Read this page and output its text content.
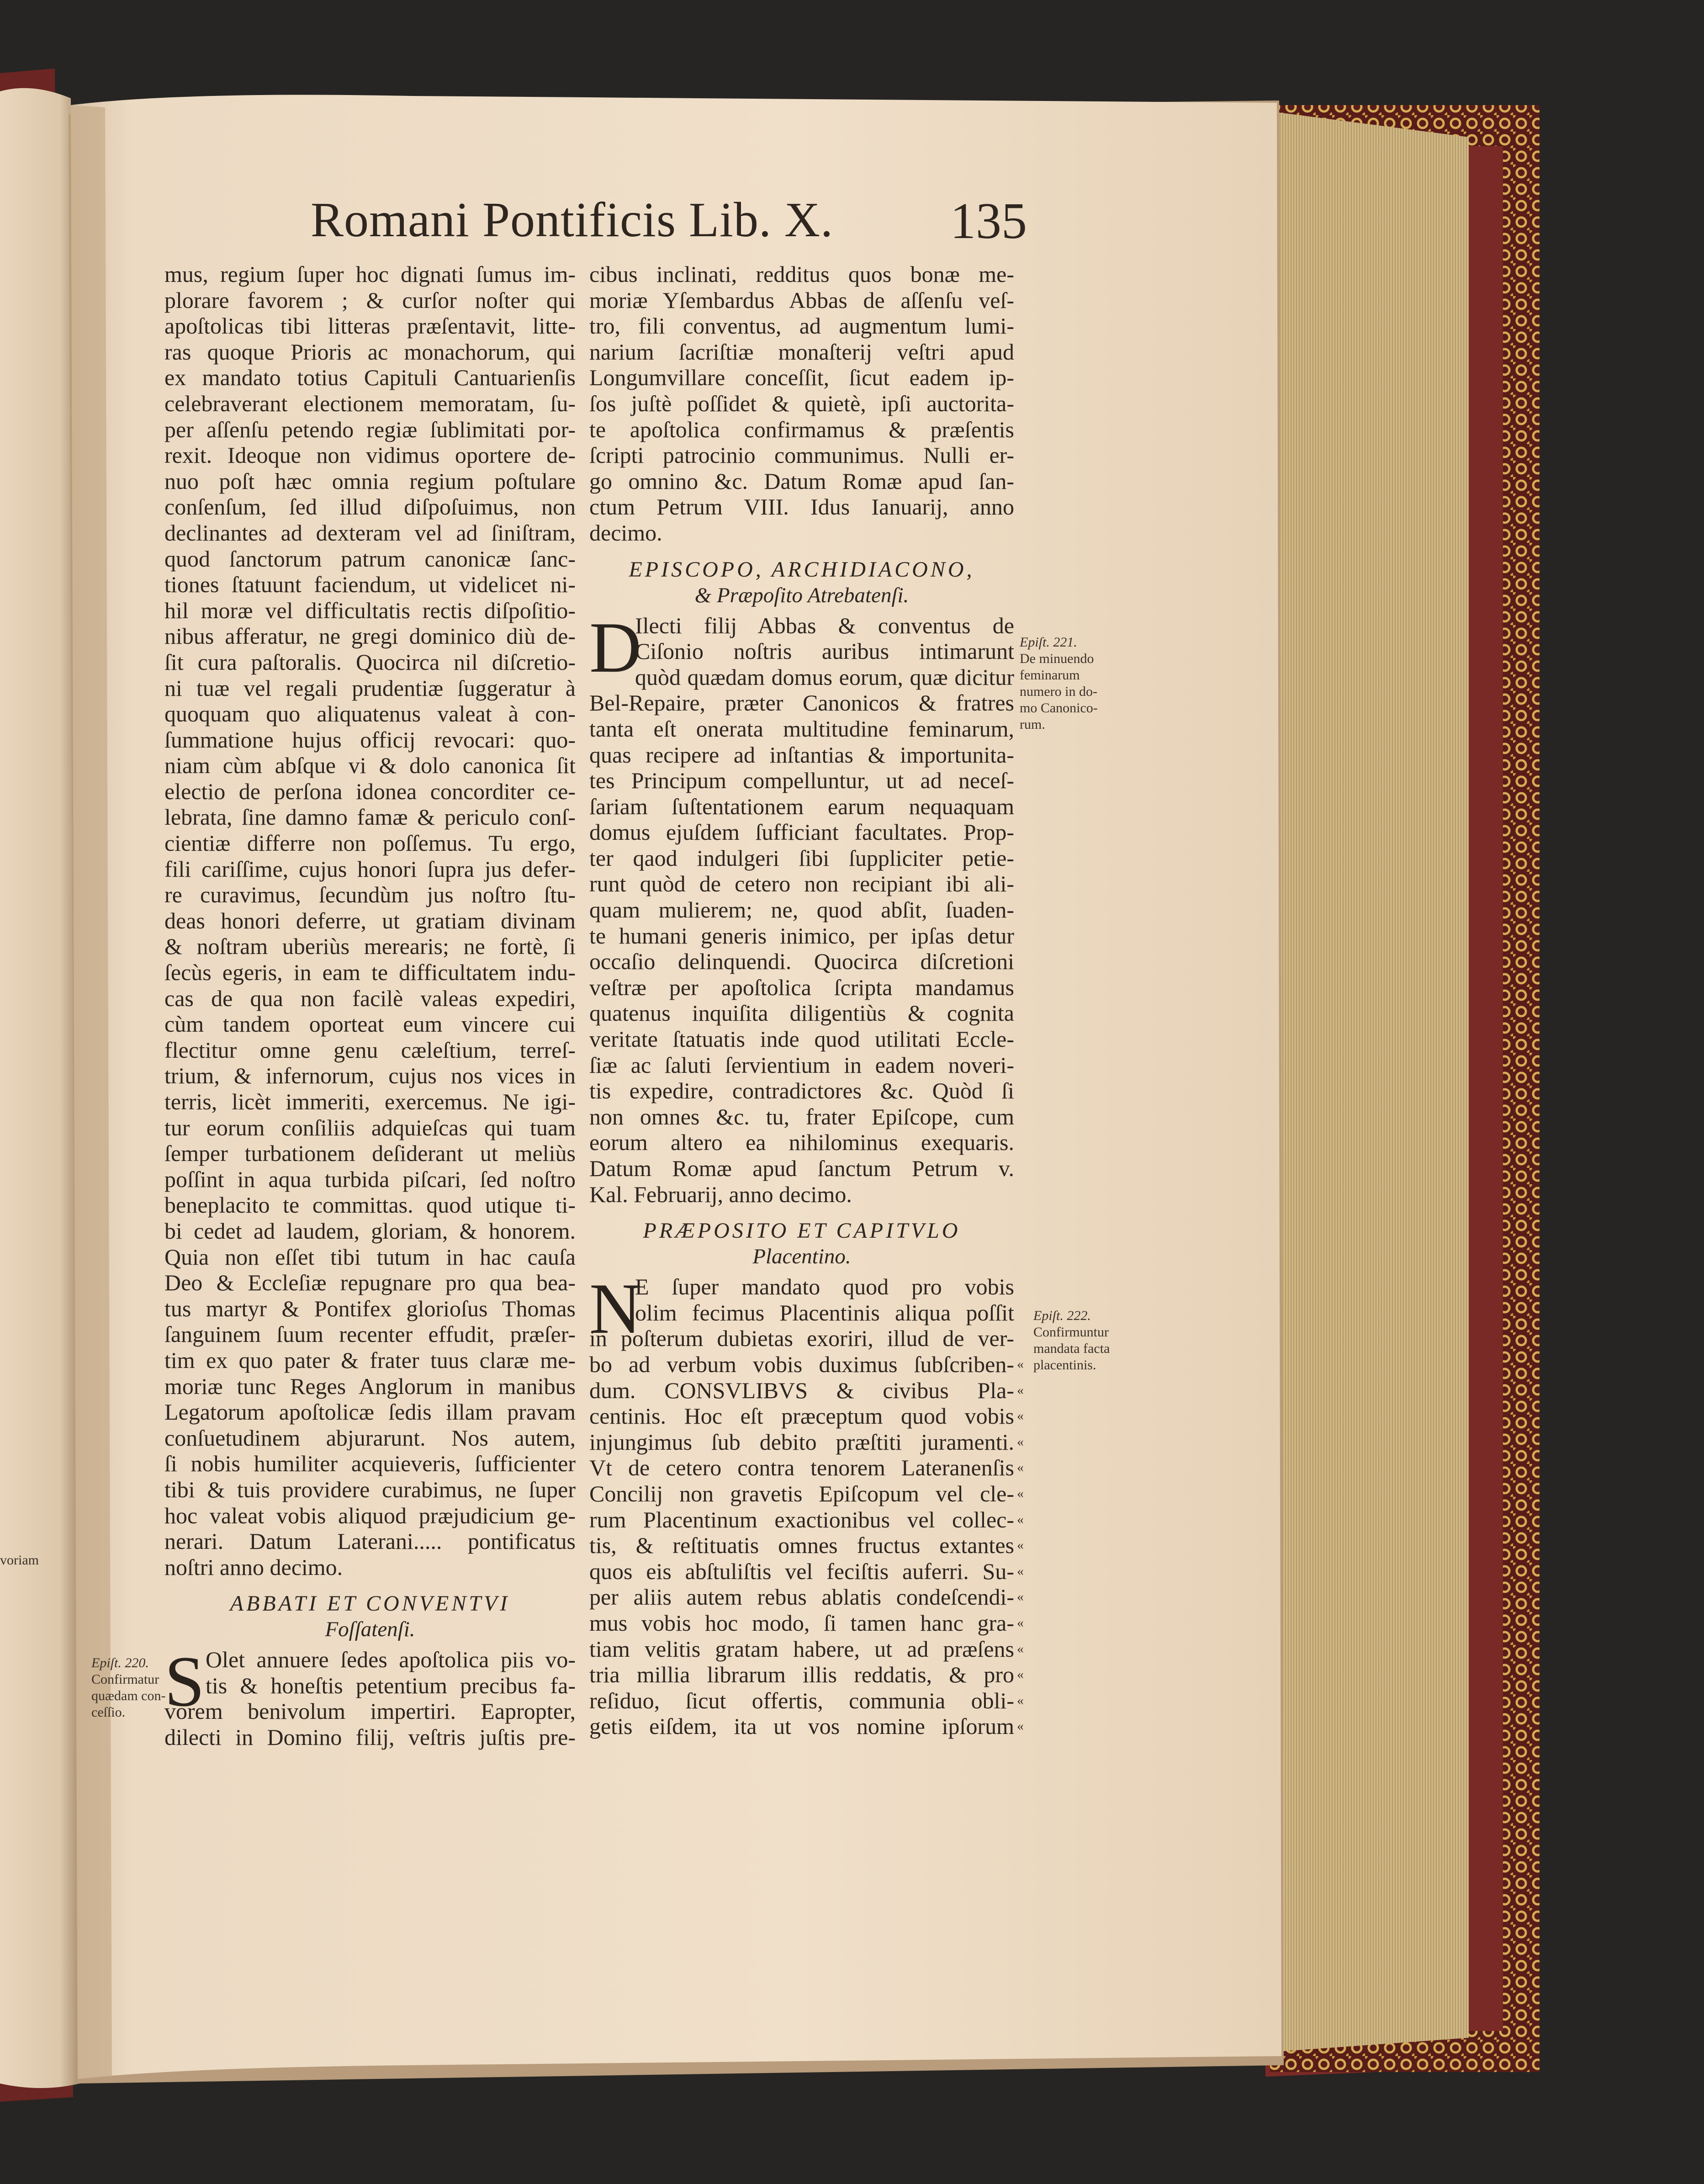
Romani Pontificis Lib. X.	135
mus, regium ſuper hoc dignati ſumus im-
plorare favorem ; & curſor noſter qui
apoſtolicas tibi litteras præſentavit, litte-
ras quoque Prioris ac monachorum, qui
ex mandato totius Capituli Cantuarienſis
celebraverant electionem memoratam, ſu-
per aſſenſu petendo regiæ ſublimitati por-
rexit. Ideoque non vidimus oportere de-
nuo poſt hæc omnia regium poſtulare
conſenſum, ſed illud diſpoſuimus, non
declinantes ad dexteram vel ad ſiniſtram,
quod ſanctorum patrum canonicæ ſanc-
tiones ſtatuunt faciendum, ut videlicet ni-
hil moræ vel difficultatis rectis diſpoſitio-
nibus afferatur, ne gregi dominico diù de-
ſit cura paſtoralis. Quocirca nil diſcretio-
ni tuæ vel regali prudentiæ ſuggeratur à
quoquam quo aliquatenus valeat à con-
ſummatione hujus officij revocari: quo-
niam cùm abſque vi & dolo canonica ſit
electio de perſona idonea concorditer ce-
lebrata, ſine damno famæ & periculo conſ-
cientiæ differre non poſſemus. Tu ergo,
fili cariſſime, cujus honori ſupra jus defer-
re curavimus, ſecundùm jus noſtro ſtu-
deas honori deferre, ut gratiam divinam
& noſtram uberiùs merearis; ne fortè, ſi
ſecùs egeris, in eam te difficultatem indu-
cas de qua non facilè valeas expediri,
cùm tandem oporteat eum vincere cui
flectitur omne genu cæleſtium, terreſ-
trium, & infernorum, cujus nos vices in
terris, licèt immeriti, exercemus. Ne igi-
tur eorum conſiliis adquieſcas qui tuam
ſemper turbationem deſiderant ut meliùs
poſſint in aqua turbida piſcari, ſed noſtro
beneplacito te committas. quod utique ti-
bi cedet ad laudem, gloriam, & honorem.
Quia non eſſet tibi tutum in hac cauſa
Deo & Eccleſiæ repugnare pro qua bea-
tus martyr & Pontifex glorioſus Thomas
ſanguinem ſuum recenter effudit, præſer-
tim ex quo pater & frater tuus claræ me-
moriæ tunc Reges Anglorum in manibus
Legatorum apoſtolicæ ſedis illam pravam
conſuetudinem abjurarunt. Nos autem,
ſi nobis humiliter acquieveris, ſufficienter
tibi & tuis providere curabimus, ne ſuper
hoc valeat vobis aliquod præjudicium ge-
nerari. Datum Laterani..... pontificatus
noſtri anno decimo.
ABBATI ET CONVENTVI
Foſſatenſi.
S Olet annuere ſedes apoſtolica piis vo-
tis & honeſtis petentium precibus fa-
vorem benivolum impertiri. Eapropter,
dilecti in Domino filij, veſtris juſtis pre-
cibus inclinati, redditus quos bonæ me-
moriæ Yſembardus Abbas de aſſenſu veſ-
tro, fili conventus, ad augmentum lumi-
narium ſacriſtiæ monaſterij veſtri apud
Longumvillare conceſſit, ſicut eadem ip-
ſos juſtè poſſidet & quietè, ipſi auctorita-
te apoſtolica confirmamus & præſentis
ſcripti patrocinio communimus. Nulli er-
go omnino &c. Datum Romæ apud ſan-
ctum Petrum VIII. Idus Ianuarij, anno
decimo.
EPISCOPO, ARCHIDIACONO,
& Præpoſito Atrebatenſi.
D
Ilecti filij Abbas & conventus de
Ciſonio noſtris auribus intimarunt
quòd quædam domus eorum, quæ dicitur
Bel-Repaire, præter Canonicos & fratres
tanta eſt onerata multitudine feminarum,
quas recipere ad inſtantias & importunita-
tes Principum compelluntur, ut ad neceſ-
ſariam ſuſtentationem earum nequaquam
domus ejuſdem ſufficiant facultates. Prop-
ter qaod indulgeri ſibi ſuppliciter petie-
runt quòd de cetero non recipiant ibi ali-
quam mulierem; ne, quod abſit, ſuaden-
te humani generis inimico, per ipſas detur
occaſio delinquendi. Quocirca diſcretioni
veſtræ per apoſtolica ſcripta mandamus
quatenus inquiſita diligentiùs & cognita
veritate ſtatuatis inde quod utilitati Eccle-
ſiæ ac ſaluti ſervientium in eadem noveri-
tis expedire, contradictores &c. Quòd ſi
non omnes &c. tu, frater Epiſcope, cum
eorum altero ea nihilominus exequaris.
Datum Romæ apud ſanctum Petrum v.
Kal. Februarij, anno decimo.
PRÆPOSITO ET CAPITVLO
Placentino.
N
E ſuper mandato quod pro vobis
olim fecimus Placentinis aliqua poſſit
in poſterum dubietas exoriri, illud de ver-
bo ad verbum vobis duximus ſubſcriben-
dum. CONSVLIBVS & civibus Pla-
centinis. Hoc eſt præceptum quod vobis
injungimus ſub debito præſtiti juramenti.
Vt de cetero contra tenorem Lateranenſis
Concilij non gravetis Epiſcopum vel cle-
rum Placentinum exactionibus vel collec-
tis, & reſtituatis omnes fructus extantes
quos eis abſtuliſtis vel feciſtis auferri. Su-
per aliis autem rebus ablatis condeſcendi-
mus vobis hoc modo, ſi tamen hanc gra-
tiam velitis gratam habere, ut ad præſens
tria millia librarum illis reddatis, & pro
reſiduo, ſicut offertis, communia obli-
getis eiſdem, ita ut vos nomine ipſorum
Epiſt. 221.
De minuendo
feminarum
numero in do-
mo Canonico-
rum.
Epiſt. 222.
Confirmuntur
mandata facta
placentinis.
Epiſt. 220.
Confirmatur
quædam con-
ceſſio.
«
«
«
«
«
«
«
«
«
«
«
«
«
«
«
voriam
